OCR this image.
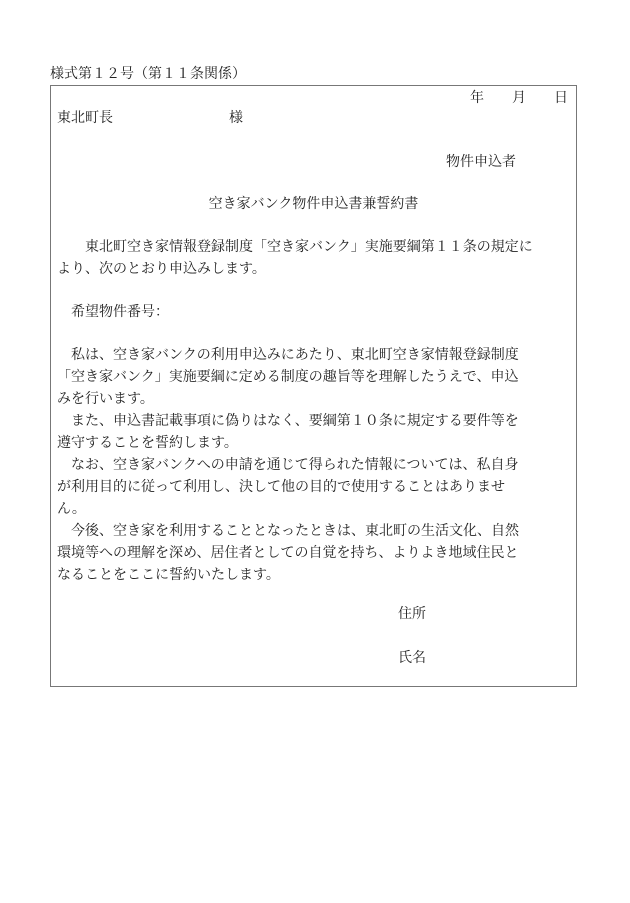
様式第１２号（第１１条関係）
年 月 日
東北町長	様
物件申込者
空き家バンク物件申込書兼誓約書
東北町空き家情報登録制度「空き家バンク」実施要綱第１１条の規定に
より、次のとおり申込みします。
希望物件番号：
私は、空き家バンクの利用申込みにあたり、東北町空き家情報登録制度
「空き家バンク」実施要綱に定める制度の趣旨等を理解したうえで、申込
みを行います。
また、申込書記載事項に偽りはなく、要綱第１０条に規定する要件等を
遵守することを誓約します。
なお、空き家バンクへの申請を通じて得られた情報については、私自身
が利用目的に従って利用し、決して他の目的で使用することはありませ
ん。
今後、空き家を利用することとなったときは、東北町の生活文化、自然
環境等への理解を深め、居住者としての自覚を持ち、よりよき地域住民と
なることをここに誓約いたします。
住所
氏名
